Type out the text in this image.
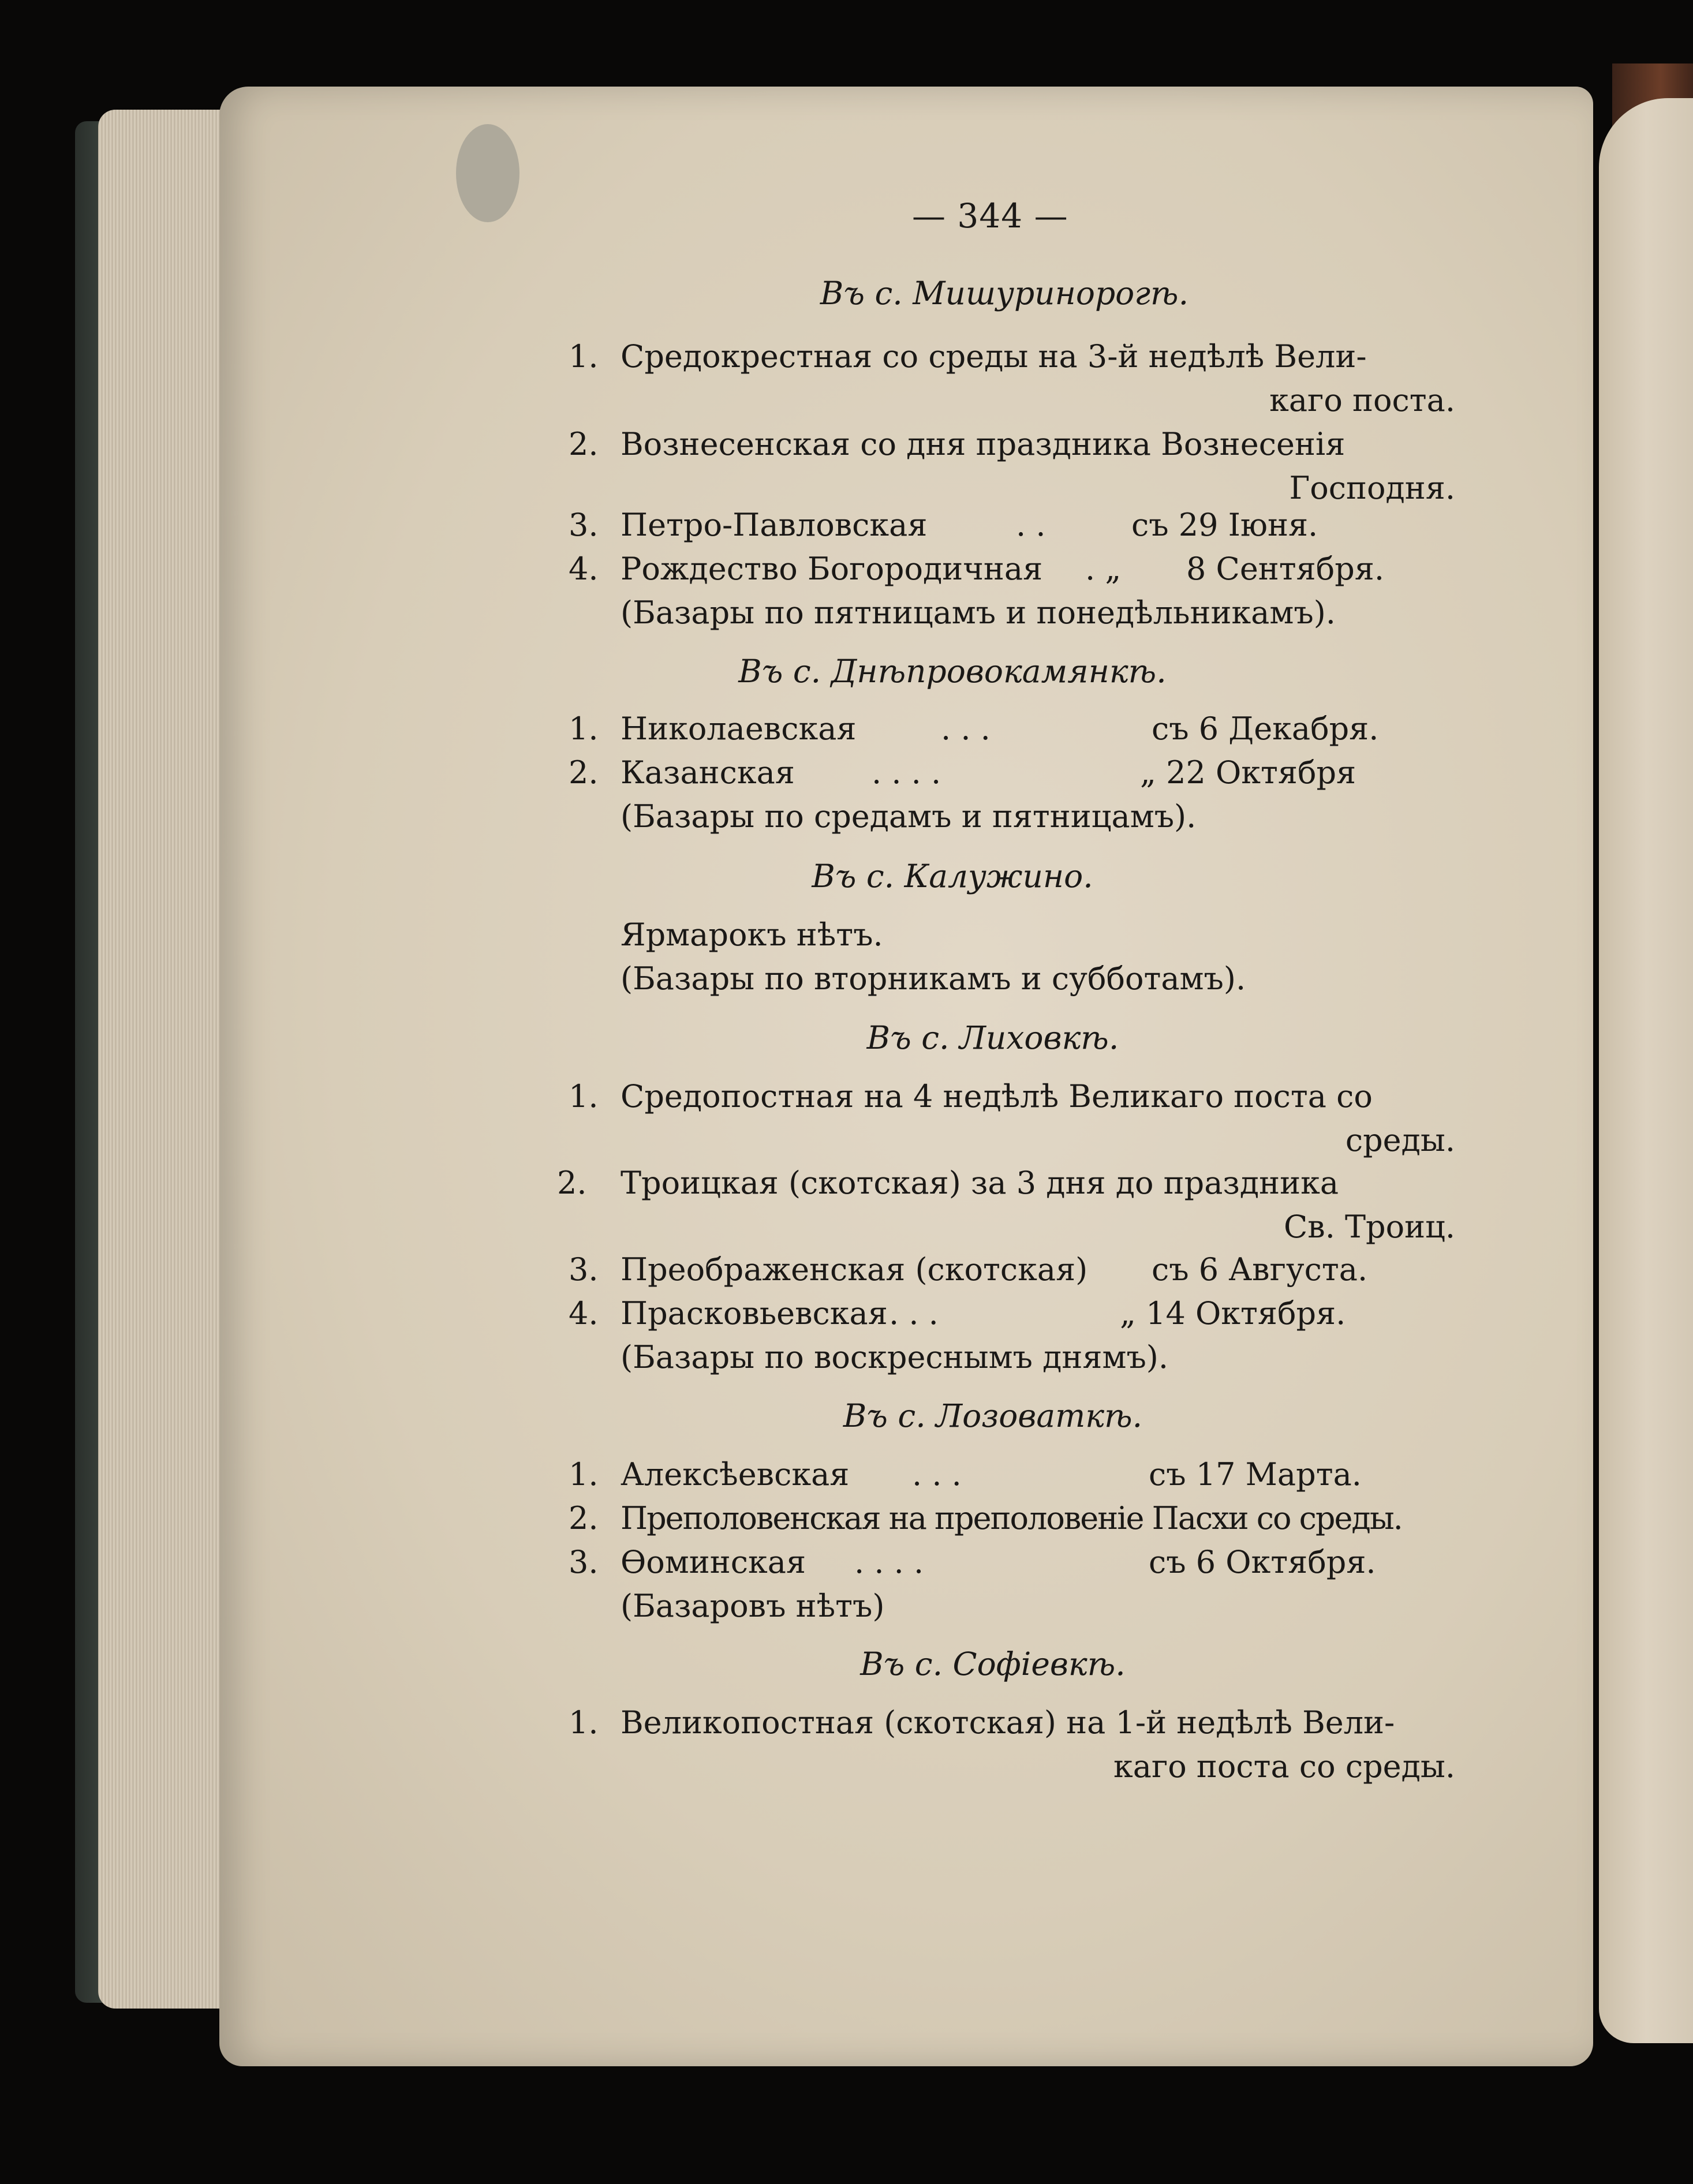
— 344 —
Въ с. Мишуринорогѣ.
1. Средокрестная со среды на 3-й недѣлѣ Вели-
каго поста.
2. Вознесенская со дня праздника Вознесенія
Господня.
3. Петро-Павловская	. .	съ 29 Іюня.
4. Рождество Богородичная . „ 8 Сентября.
(Базары по пятницамъ и понедѣльникамъ).
Въ с. Днѣпровокамянкѣ.
1. Николаевская	. . .	съ 6 Декабря.
2. Казанская . . . .	„ 22 Октября
(Базары по средамъ и пятницамъ).
Въ с. Калужино.
Ярмарокъ нѣтъ.
(Базары по вторникамъ и субботамъ).
Въ с. Лиховкѣ.
1. Средопостная на 4 недѣлѣ Великаго поста со
среды.
2. Троицкая (скотская) за 3 дня до праздника
Св. Троиц.
3. Преображенская (скотская) съ 6 Августа.
4. Прасковьевская . . .	„ 14 Октября.
(Базары по воскреснымъ днямъ).
Въ с. Лозоваткѣ.
1. Алексѣевская . . .	съ 17 Марта.
2. Преполовенская на преполовеніе Пасхи со среды.
3. Ѳоминская . . . .	съ 6 Октября.
(Базаровъ нѣтъ)
Въ с. Софіевкѣ.
1. Великопостная (скотская) на 1-й недѣлѣ Вели-
каго поста со среды.
